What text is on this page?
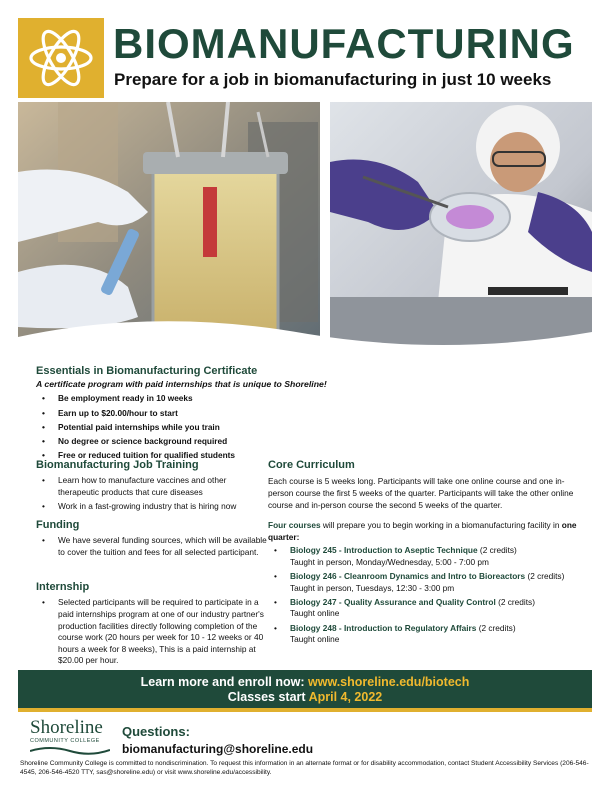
BIOMANUFACTURING
Prepare for a job in biomanufacturing in just 10 weeks
Essentials in Biomanufacturing Certificate
A certificate program with paid internships that is unique to Shoreline!
• Be employment ready in 10 weeks
• Earn up to $20.00/hour to start
• Potential paid internships while you train
• No degree or science background required
• Free or reduced tuition for qualified students
Biomanufacturing Job Training
• Learn how to manufacture vaccines and other therapeutic products that cure diseases
• Work in a fast-growing industry that is hiring now
Funding
• We have several funding sources, which will be available to cover the tuition and fees for all selected participant.
Internship
• Selected participants will be required to participate in a paid internships program at one of our industry partner's production facilities directly following completion of the course work (20 hours per week for 10 - 12 weeks or 40 hours a week for 8 weeks), This is a paid internship at $20.00 per hour.
Core Curriculum
Each course is 5 weeks long. Participants will take one online course and one in-person course the first 5 weeks of the quarter. Participants will take the other online course and in-person course the second 5 weeks of the quarter.
Four courses will prepare you to begin working in a biomanufacturing facility in one quarter:
• Biology 245 - Introduction to Aseptic Technique (2 credits)
Taught in person, Monday/Wednesday, 5:00 - 7:00 pm
• Biology 246 - Cleanroom Dynamics and Intro to Bioreactors (2 credits)
Taught in person, Tuesdays, 12:30 - 3:00 pm
• Biology 247 - Quality Assurance and Quality Control (2 credits)
Taught online
• Biology 248 - Introduction to Regulatory Affairs (2 credits)
Taught online
Learn more and enroll now: www.shoreline.edu/biotech
Classes start April 4, 2022
Shoreline
COMMUNITY COLLEGE
Questions:
biomanufacturing@shoreline.edu
Shoreline Community College is committed to nondiscrimination. To request this information in an alternate format or for disability accommodation, contact Student Accessibility Services (206-546-4545, 206-546-4520 TTY, sas@shoreline.edu) or visit www.shoreline.edu/accessibility.
